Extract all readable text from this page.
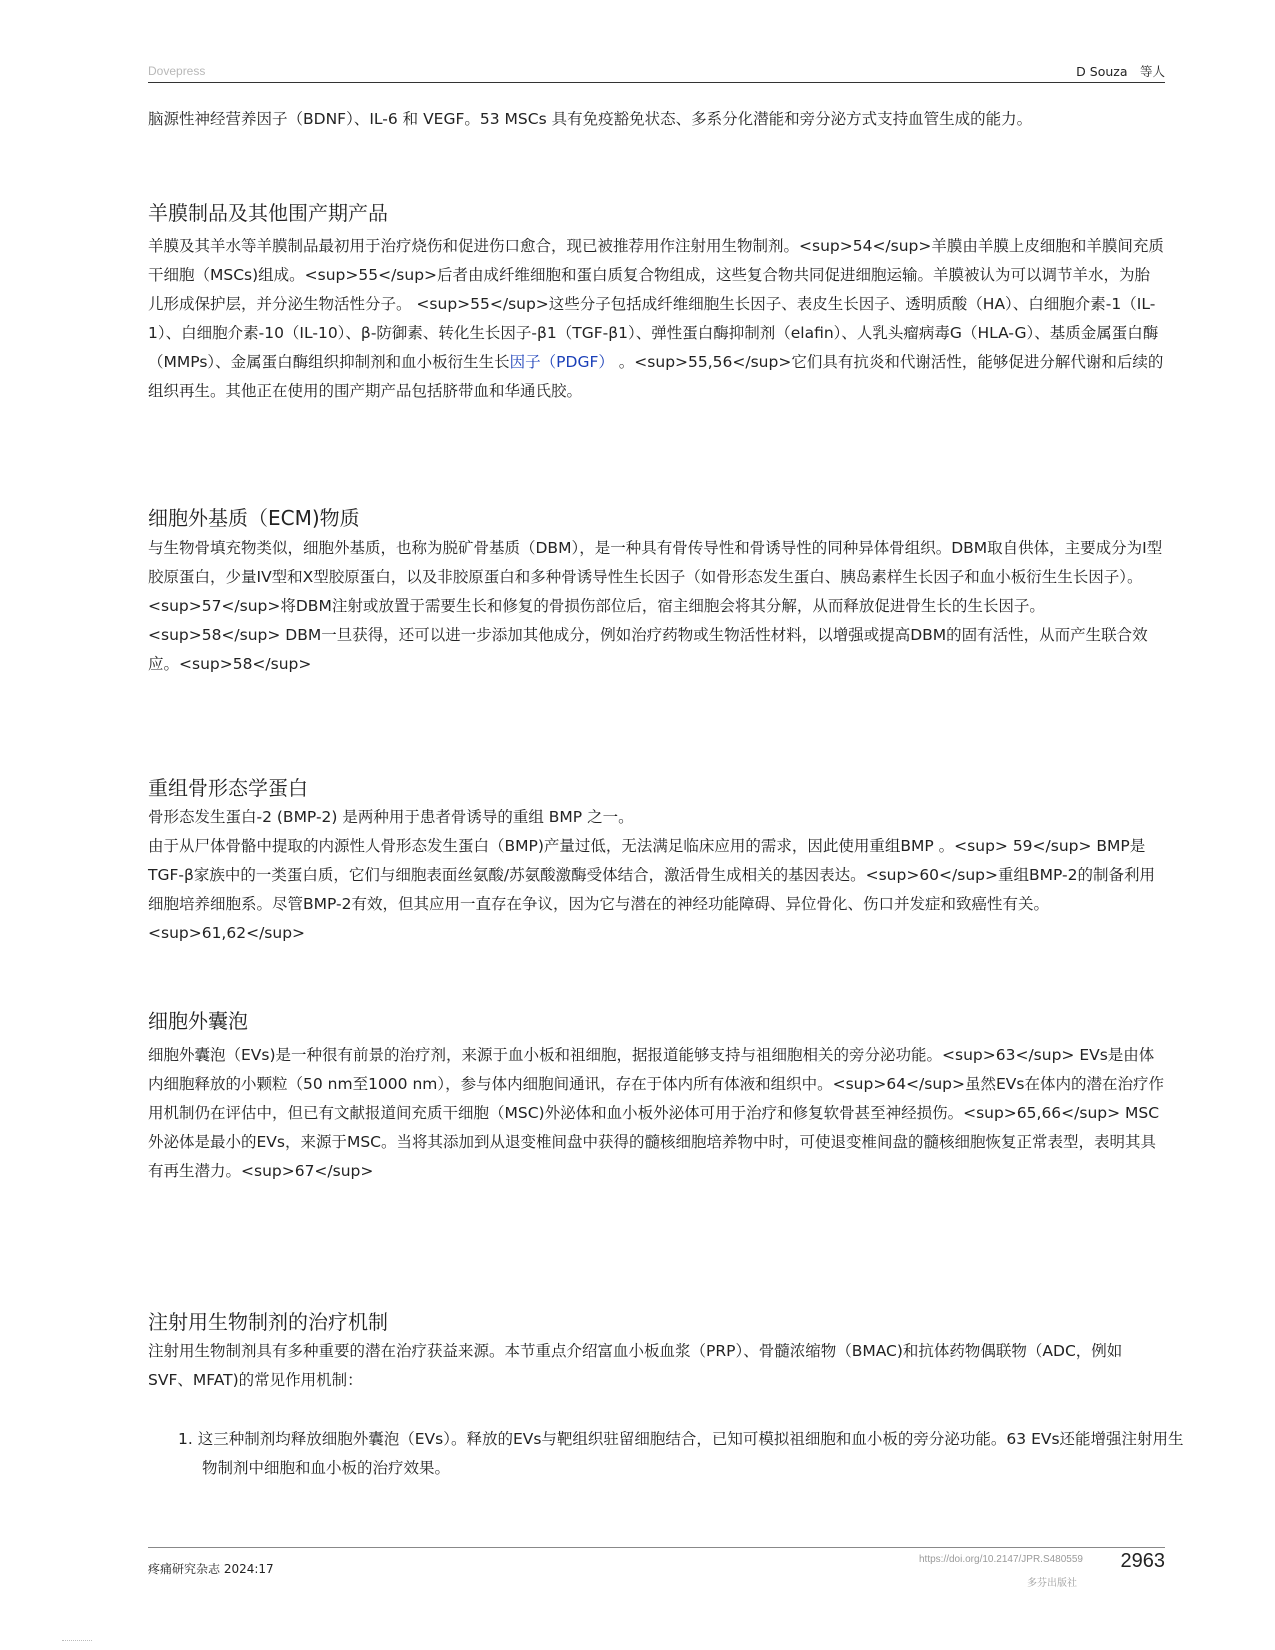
Dovepress	D Souza　等人

脑源性神经营养因子（BDNF）、IL-6 和 VEGF。53 MSCs 具有免疫豁免状态、多系分化潜能和旁分泌方式支持血管生成的能力。

羊膜制品及其他围产期产品

羊膜及其羊水等羊膜制品最初用于治疗烧伤和促进伤口愈合，现已被推荐用作注射用生物制剂。<sup>54</sup>羊膜由羊膜上皮细胞和羊膜间充质干细胞（MSCs)组成。<sup>55</sup>后者由成纤维细胞和蛋白质复合物组成，这些复合物共同促进细胞运输。羊膜被认为可以调节羊水，为胎儿形成保护层，并分泌生物活性分子。 <sup>55</sup>这些分子包括成纤维细胞生长因子、表皮生长因子、透明质酸（HA）、白细胞介素-1（IL-1）、白细胞介素-10（IL-10）、β-防御素、转化生长因子-β1（TGF-β1）、弹性蛋白酶抑制剂（elafin）、人乳头瘤病毒G（HLA-G）、基质金属蛋白酶（MMPs）、金属蛋白酶组织抑制剂和血小板衍生生长因子（PDGF） 。<sup>55,56</sup>它们具有抗炎和代谢活性，能够促进分解代谢和后续的组织再生。其他正在使用的围产期产品包括脐带血和华通氏胶。

细胞外基质（ECM)物质

与生物骨填充物类似，细胞外基质，也称为脱矿骨基质（DBM），是一种具有骨传导性和骨诱导性的同种异体骨组织。DBM取自供体，主要成分为I型胶原蛋白，少量IV型和X型胶原蛋白，以及非胶原蛋白和多种骨诱导性生长因子（如骨形态发生蛋白、胰岛素样生长因子和血小板衍生生长因子）。<sup>57</sup>将DBM注射或放置于需要生长和修复的骨损伤部位后，宿主细胞会将其分解，从而释放促进骨生长的生长因子。<sup>58</sup> DBM一旦获得，还可以进一步添加其他成分，例如治疗药物或生物活性材料，以增强或提高DBM的固有活性，从而产生联合效应。<sup>58</sup>

重组骨形态学蛋白

骨形态发生蛋白-2 (BMP-2) 是两种用于患者骨诱导的重组 BMP 之一。

由于从尸体骨骼中提取的内源性人骨形态发生蛋白（BMP)产量过低，无法满足临床应用的需求，因此使用重组BMP 。<sup> 59</sup> BMP是TGF-β家族中的一类蛋白质，它们与细胞表面丝氨酸/苏氨酸激酶受体结合，激活骨生成相关的基因表达。<sup>60</sup>重组BMP-2的制备利用细胞培养细胞系。尽管BMP-2有效，但其应用一直存在争议，因为它与潜在的神经功能障碍、异位骨化、伤口并发症和致癌性有关。<sup>61,62</sup>

细胞外囊泡

细胞外囊泡（EVs)是一种很有前景的治疗剂，来源于血小板和祖细胞，据报道能够支持与祖细胞相关的旁分泌功能。<sup>63</sup> EVs是由体内细胞释放的小颗粒（50 nm至1000 nm），参与体内细胞间通讯，存在于体内所有体液和组织中。<sup>64</sup>虽然EVs在体内的潜在治疗作用机制仍在评估中，但已有文献报道间充质干细胞（MSC)外泌体和血小板外泌体可用于治疗和修复软骨甚至神经损伤。<sup>65,66</sup> MSC外泌体是最小的EVs，来源于MSC。当将其添加到从退变椎间盘中获得的髓核细胞培养物中时，可使退变椎间盘的髓核细胞恢复正常表型，表明其具有再生潜力。<sup>67</sup>

注射用生物制剂的治疗机制

注射用生物制剂具有多种重要的潜在治疗获益来源。本节重点介绍富血小板血浆（PRP）、骨髓浓缩物（BMAC)和抗体药物偶联物（ADC，例如SVF、MFAT)的常见作用机制：

1. 这三种制剂均释放细胞外囊泡（EVs）。释放的EVs与靶组织驻留细胞结合，已知可模拟祖细胞和血小板的旁分泌功能。63 EVs还能增强注射用生物制剂中细胞和血小板的治疗效果。
疼痛研究杂志 2024:17
https://doi.org/10.2147/JPR.S480559
多芬出版社
2963
